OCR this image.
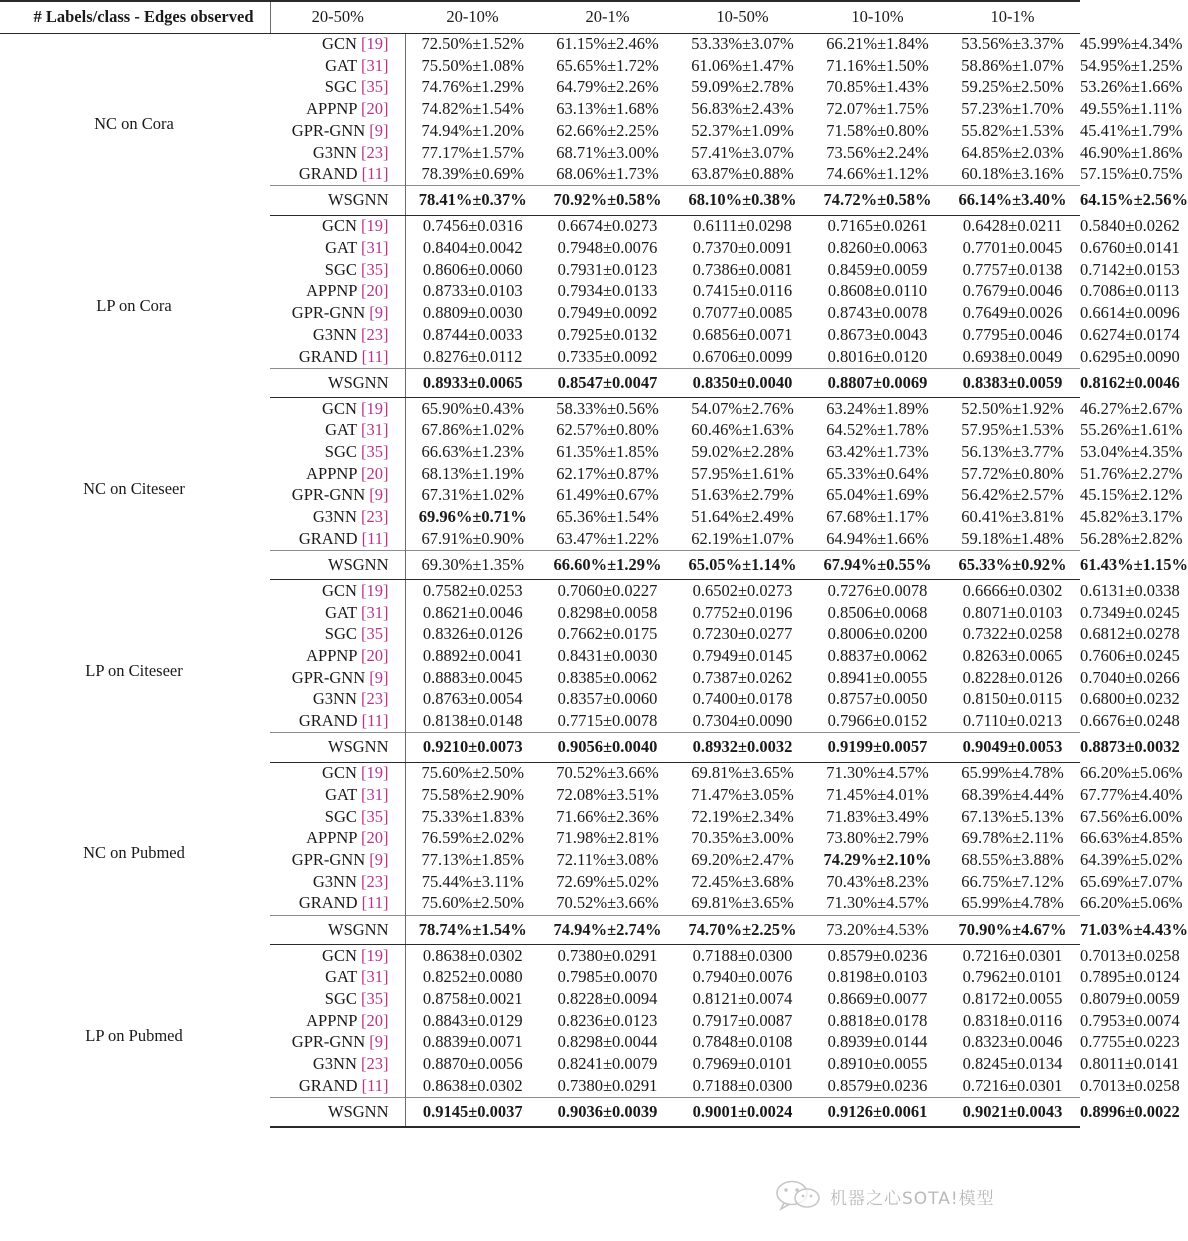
# Labels/class - Edges observed	20-50%	20-10%	20-1%	10-50%	10-10%	10-1%	
NC on Cora	GCN [19]	72.50%±1.52%	61.15%±2.46%	53.33%±3.07%	66.21%±1.84%	53.56%±3.37%	45.99%±4.34%
	GAT [31]	75.50%±1.08%	65.65%±1.72%	61.06%±1.47%	71.16%±1.50%	58.86%±1.07%	54.95%±1.25%
	SGC [35]	74.76%±1.29%	64.79%±2.26%	59.09%±2.78%	70.85%±1.43%	59.25%±2.50%	53.26%±1.66%
	APPNP [20]	74.82%±1.54%	63.13%±1.68%	56.83%±2.43%	72.07%±1.75%	57.23%±1.70%	49.55%±1.11%
	GPR-GNN [9]	74.94%±1.20%	62.66%±2.25%	52.37%±1.09%	71.58%±0.80%	55.82%±1.53%	45.41%±1.79%
	G3NN [23]	77.17%±1.57%	68.71%±3.00%	57.41%±3.07%	73.56%±2.24%	64.85%±2.03%	46.90%±1.86%
	GRAND [11]	78.39%±0.69%	68.06%±1.73%	63.87%±0.88%	74.66%±1.12%	60.18%±3.16%	57.15%±0.75%
	WSGNN	78.41%±0.37%	70.92%±0.58%	68.10%±0.38%	74.72%±0.58%	66.14%±3.40%	64.15%±2.56%
LP on Cora	GCN [19]	0.7456±0.0316	0.6674±0.0273	0.6111±0.0298	0.7165±0.0261	0.6428±0.0211	0.5840±0.0262
	GAT [31]	0.8404±0.0042	0.7948±0.0076	0.7370±0.0091	0.8260±0.0063	0.7701±0.0045	0.6760±0.0141
	SGC [35]	0.8606±0.0060	0.7931±0.0123	0.7386±0.0081	0.8459±0.0059	0.7757±0.0138	0.7142±0.0153
	APPNP [20]	0.8733±0.0103	0.7934±0.0133	0.7415±0.0116	0.8608±0.0110	0.7679±0.0046	0.7086±0.0113
	GPR-GNN [9]	0.8809±0.0030	0.7949±0.0092	0.7077±0.0085	0.8743±0.0078	0.7649±0.0026	0.6614±0.0096
	G3NN [23]	0.8744±0.0033	0.7925±0.0132	0.6856±0.0071	0.8673±0.0043	0.7795±0.0046	0.6274±0.0174
	GRAND [11]	0.8276±0.0112	0.7335±0.0092	0.6706±0.0099	0.8016±0.0120	0.6938±0.0049	0.6295±0.0090
	WSGNN	0.8933±0.0065	0.8547±0.0047	0.8350±0.0040	0.8807±0.0069	0.8383±0.0059	0.8162±0.0046
NC on Citeseer	GCN [19]	65.90%±0.43%	58.33%±0.56%	54.07%±2.76%	63.24%±1.89%	52.50%±1.92%	46.27%±2.67%
	GAT [31]	67.86%±1.02%	62.57%±0.80%	60.46%±1.63%	64.52%±1.78%	57.95%±1.53%	55.26%±1.61%
	SGC [35]	66.63%±1.23%	61.35%±1.85%	59.02%±2.28%	63.42%±1.73%	56.13%±3.77%	53.04%±4.35%
	APPNP [20]	68.13%±1.19%	62.17%±0.87%	57.95%±1.61%	65.33%±0.64%	57.72%±0.80%	51.76%±2.27%
	GPR-GNN [9]	67.31%±1.02%	61.49%±0.67%	51.63%±2.79%	65.04%±1.69%	56.42%±2.57%	45.15%±2.12%
	G3NN [23]	69.96%±0.71%	65.36%±1.54%	51.64%±2.49%	67.68%±1.17%	60.41%±3.81%	45.82%±3.17%
	GRAND [11]	67.91%±0.90%	63.47%±1.22%	62.19%±1.07%	64.94%±1.66%	59.18%±1.48%	56.28%±2.82%
	WSGNN	69.30%±1.35%	66.60%±1.29%	65.05%±1.14%	67.94%±0.55%	65.33%±0.92%	61.43%±1.15%
LP on Citeseer	GCN [19]	0.7582±0.0253	0.7060±0.0227	0.6502±0.0273	0.7276±0.0078	0.6666±0.0302	0.6131±0.0338
	GAT [31]	0.8621±0.0046	0.8298±0.0058	0.7752±0.0196	0.8506±0.0068	0.8071±0.0103	0.7349±0.0245
	SGC [35]	0.8326±0.0126	0.7662±0.0175	0.7230±0.0277	0.8006±0.0200	0.7322±0.0258	0.6812±0.0278
	APPNP [20]	0.8892±0.0041	0.8431±0.0030	0.7949±0.0145	0.8837±0.0062	0.8263±0.0065	0.7606±0.0245
	GPR-GNN [9]	0.8883±0.0045	0.8385±0.0062	0.7387±0.0262	0.8941±0.0055	0.8228±0.0126	0.7040±0.0266
	G3NN [23]	0.8763±0.0054	0.8357±0.0060	0.7400±0.0178	0.8757±0.0050	0.8150±0.0115	0.6800±0.0232
	GRAND [11]	0.8138±0.0148	0.7715±0.0078	0.7304±0.0090	0.7966±0.0152	0.7110±0.0213	0.6676±0.0248
	WSGNN	0.9210±0.0073	0.9056±0.0040	0.8932±0.0032	0.9199±0.0057	0.9049±0.0053	0.8873±0.0032
NC on Pubmed	GCN [19]	75.60%±2.50%	70.52%±3.66%	69.81%±3.65%	71.30%±4.57%	65.99%±4.78%	66.20%±5.06%
	GAT [31]	75.58%±2.90%	72.08%±3.51%	71.47%±3.05%	71.45%±4.01%	68.39%±4.44%	67.77%±4.40%
	SGC [35]	75.33%±1.83%	71.66%±2.36%	72.19%±2.34%	71.83%±3.49%	67.13%±5.13%	67.56%±6.00%
	APPNP [20]	76.59%±2.02%	71.98%±2.81%	70.35%±3.00%	73.80%±2.79%	69.78%±2.11%	66.63%±4.85%
	GPR-GNN [9]	77.13%±1.85%	72.11%±3.08%	69.20%±2.47%	74.29%±2.10%	68.55%±3.88%	64.39%±5.02%
	G3NN [23]	75.44%±3.11%	72.69%±5.02%	72.45%±3.68%	70.43%±8.23%	66.75%±7.12%	65.69%±7.07%
	GRAND [11]	75.60%±2.50%	70.52%±3.66%	69.81%±3.65%	71.30%±4.57%	65.99%±4.78%	66.20%±5.06%
	WSGNN	78.74%±1.54%	74.94%±2.74%	74.70%±2.25%	73.20%±4.53%	70.90%±4.67%	71.03%±4.43%
LP on Pubmed	GCN [19]	0.8638±0.0302	0.7380±0.0291	0.7188±0.0300	0.8579±0.0236	0.7216±0.0301	0.7013±0.0258
	GAT [31]	0.8252±0.0080	0.7985±0.0070	0.7940±0.0076	0.8198±0.0103	0.7962±0.0101	0.7895±0.0124
	SGC [35]	0.8758±0.0021	0.8228±0.0094	0.8121±0.0074	0.8669±0.0077	0.8172±0.0055	0.8079±0.0059
	APPNP [20]	0.8843±0.0129	0.8236±0.0123	0.7917±0.0087	0.8818±0.0178	0.8318±0.0116	0.7953±0.0074
	GPR-GNN [9]	0.8839±0.0071	0.8298±0.0044	0.7848±0.0108	0.8939±0.0144	0.8323±0.0046	0.7755±0.0223
	G3NN [23]	0.8870±0.0056	0.8241±0.0079	0.7969±0.0101	0.8910±0.0055	0.8245±0.0134	0.8011±0.0141
	GRAND [11]	0.8638±0.0302	0.7380±0.0291	0.7188±0.0300	0.8579±0.0236	0.7216±0.0301	0.7013±0.0258
	WSGNN	0.9145±0.0037	0.9036±0.0039	0.9001±0.0024	0.9126±0.0061	0.9021±0.0043	0.8996±0.0022
机器之心SOTA!模型
